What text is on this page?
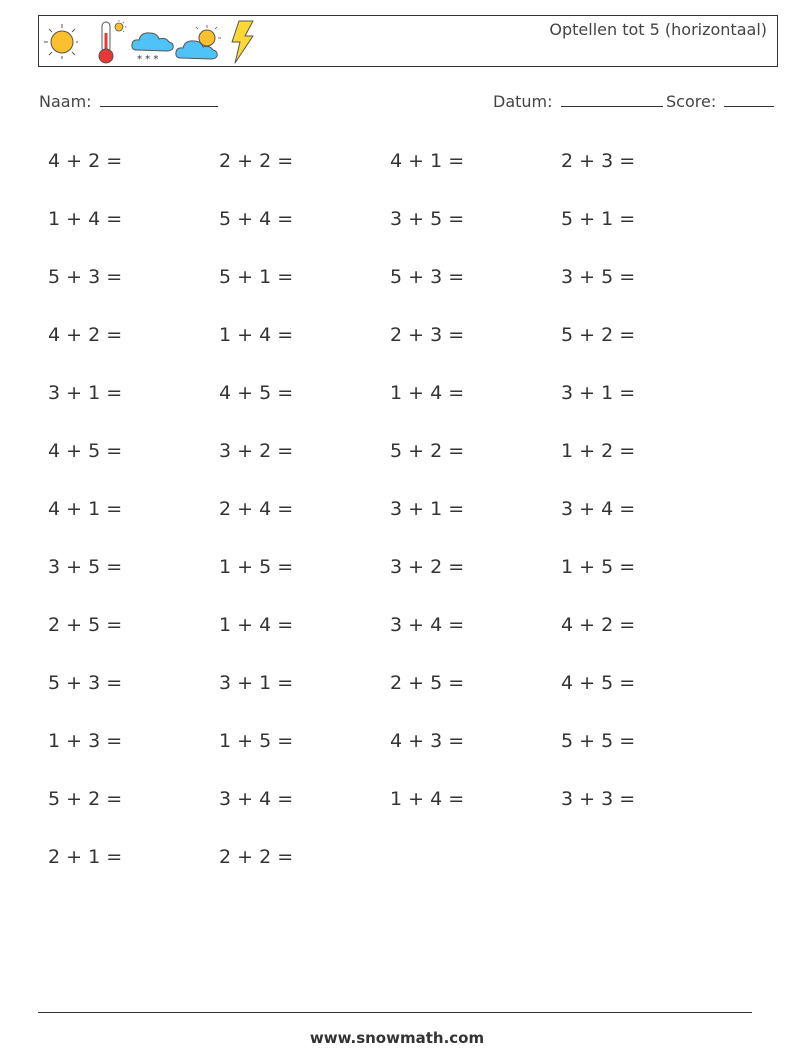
* * *
Optellen tot 5 (horizontaal)
Naam:	Datum:	Score:
4 + 2 =	2 + 2 =	4 + 1 =	2 + 3 =
1 + 4 =	5 + 4 =	3 + 5 =	5 + 1 =
5 + 3 =	5 + 1 =	5 + 3 =	3 + 5 =
4 + 2 =	1 + 4 =	2 + 3 =	5 + 2 =
3 + 1 =	4 + 5 =	1 + 4 =	3 + 1 =
4 + 5 =	3 + 2 =	5 + 2 =	1 + 2 =
4 + 1 =	2 + 4 =	3 + 1 =	3 + 4 =
3 + 5 =	1 + 5 =	3 + 2 =	1 + 5 =
2 + 5 =	1 + 4 =	3 + 4 =	4 + 2 =
5 + 3 =	3 + 1 =	2 + 5 =	4 + 5 =
1 + 3 =	1 + 5 =	4 + 3 =	5 + 5 =
5 + 2 =	3 + 4 =	1 + 4 =	3 + 3 =
2 + 1 =	2 + 2 =
www.snowmath.com
